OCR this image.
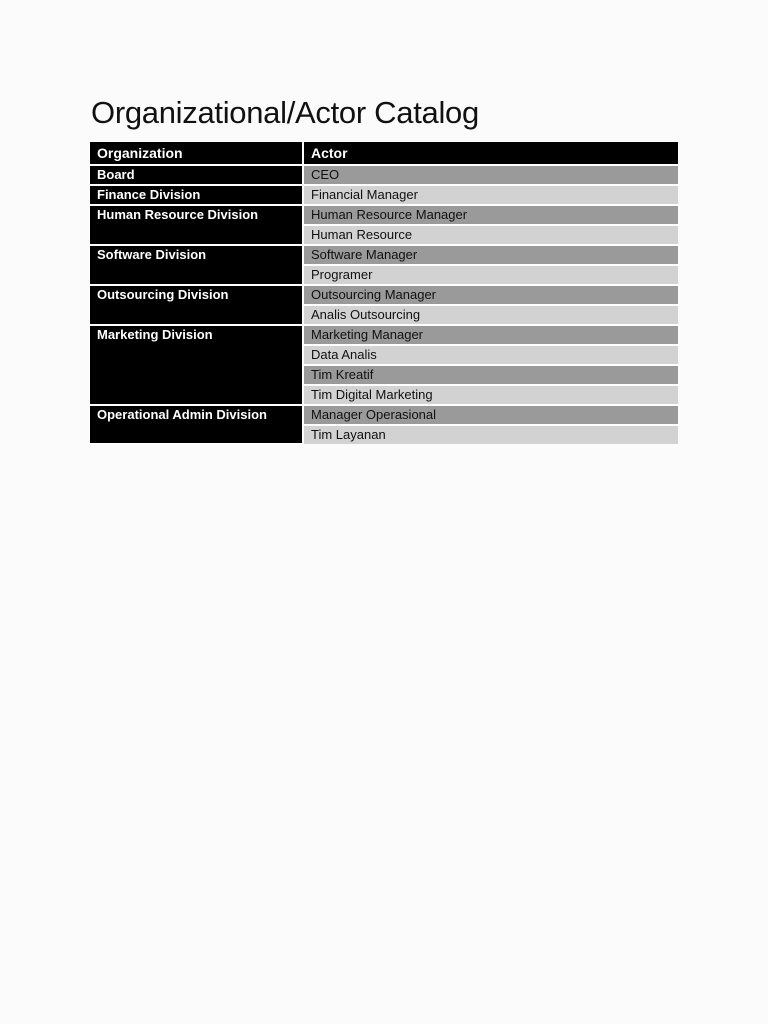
Organizational/Actor Catalog
Organization	Actor
Board	CEO
Finance Division	Financial Manager
Human Resource Division	Human Resource Manager
	Human Resource
Software Division	Software Manager
	Programer
Outsourcing Division	Outsourcing Manager
	Analis Outsourcing
Marketing Division	Marketing Manager
	Data Analis
	Tim Kreatif
	Tim Digital Marketing
Operational Admin Division	Manager Operasional
	Tim Layanan
